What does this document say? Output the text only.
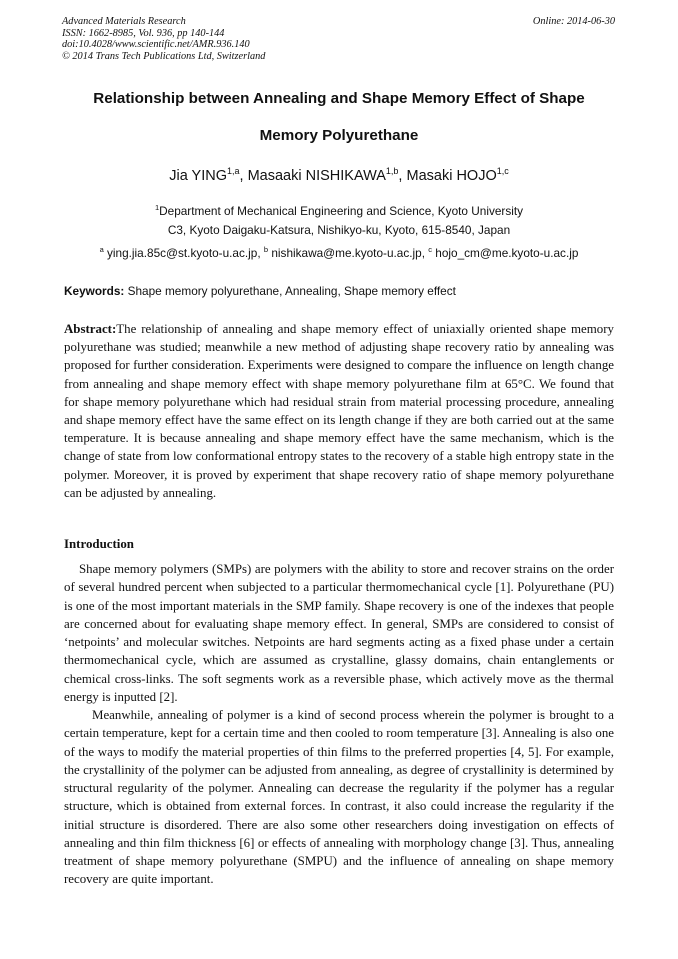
Advanced Materials Research
ISSN: 1662-8985, Vol. 936, pp 140-144
doi:10.4028/www.scientific.net/AMR.936.140
© 2014 Trans Tech Publications Ltd, Switzerland
Online: 2014-06-30
Relationship between Annealing and Shape Memory Effect of Shape
Memory Polyurethane
Jia YING$^{1,a}$, Masaaki NISHIKAWA$^{1,b}$, Masaki HOJO$^{1,c}$
$^1$Department of Mechanical Engineering and Science, Kyoto University
C3, Kyoto Daigaku-Katsura, Nishikyo-ku, Kyoto, 615-8540, Japan
$^a$ ying.jia.85c@st.kyoto-u.ac.jp, $^b$ nishikawa@me.kyoto-u.ac.jp, $^c$ hojo_cm@me.kyoto-u.ac.jp
Keywords: Shape memory polyurethane, Annealing, Shape memory effect

Abstract:The relationship of annealing and shape memory effect of uniaxially oriented shape memory polyurethane was studied; meanwhile a new method of adjusting shape recovery ratio by annealing was proposed for further consideration. Experiments were designed to compare the influence on length change from annealing and shape memory effect with shape memory polyurethane film at 65°C. We found that for shape memory polyurethane which had residual strain from material processing procedure, annealing and shape memory effect have the same effect on its length change if they are both carried out at the same temperature. It is because annealing and shape memory effect have the same mechanism, which is the change of state from low conformational entropy states to the recovery of a stable high entropy state in the polymer. Moreover, it is proved by experiment that shape recovery ratio of shape memory polyurethane can be adjusted by annealing.

Introduction

Shape memory polymers (SMPs) are polymers with the ability to store and recover strains on the order of several hundred percent when subjected to a particular thermomechanical cycle [1]. Polyurethane (PU) is one of the most important materials in the SMP family. Shape recovery is one of the indexes that people are concerned about for evaluating shape memory effect. In general, SMPs are considered to consist of ‘netpoints’ and molecular switches. Netpoints are hard segments acting as a fixed phase under a certain thermomechanical cycle, which are assumed as crystalline, glassy domains, chain entanglements or chemical cross-links. The soft segments work as a reversible phase, which actively move as the thermal energy is inputted [2].

Meanwhile, annealing of polymer is a kind of second process wherein the polymer is brought to a certain temperature, kept for a certain time and then cooled to room temperature [3]. Annealing is also one of the ways to modify the material properties of thin films to the preferred properties [4, 5]. For example, the crystallinity of the polymer can be adjusted from annealing, as degree of crystallinity is determined by structural regularity of the polymer. Annealing can decrease the regularity if the polymer has a regular structure, which is obtained from external forces. In contrast, it also could increase the regularity if the initial structure is disordered. There are also some other researchers doing investigation on effects of annealing and thin film thickness [6] or effects of annealing with morphology change [3]. Thus, annealing treatment of shape memory polyurethane (SMPU) and the influence of annealing on shape memory recovery are quite important.
